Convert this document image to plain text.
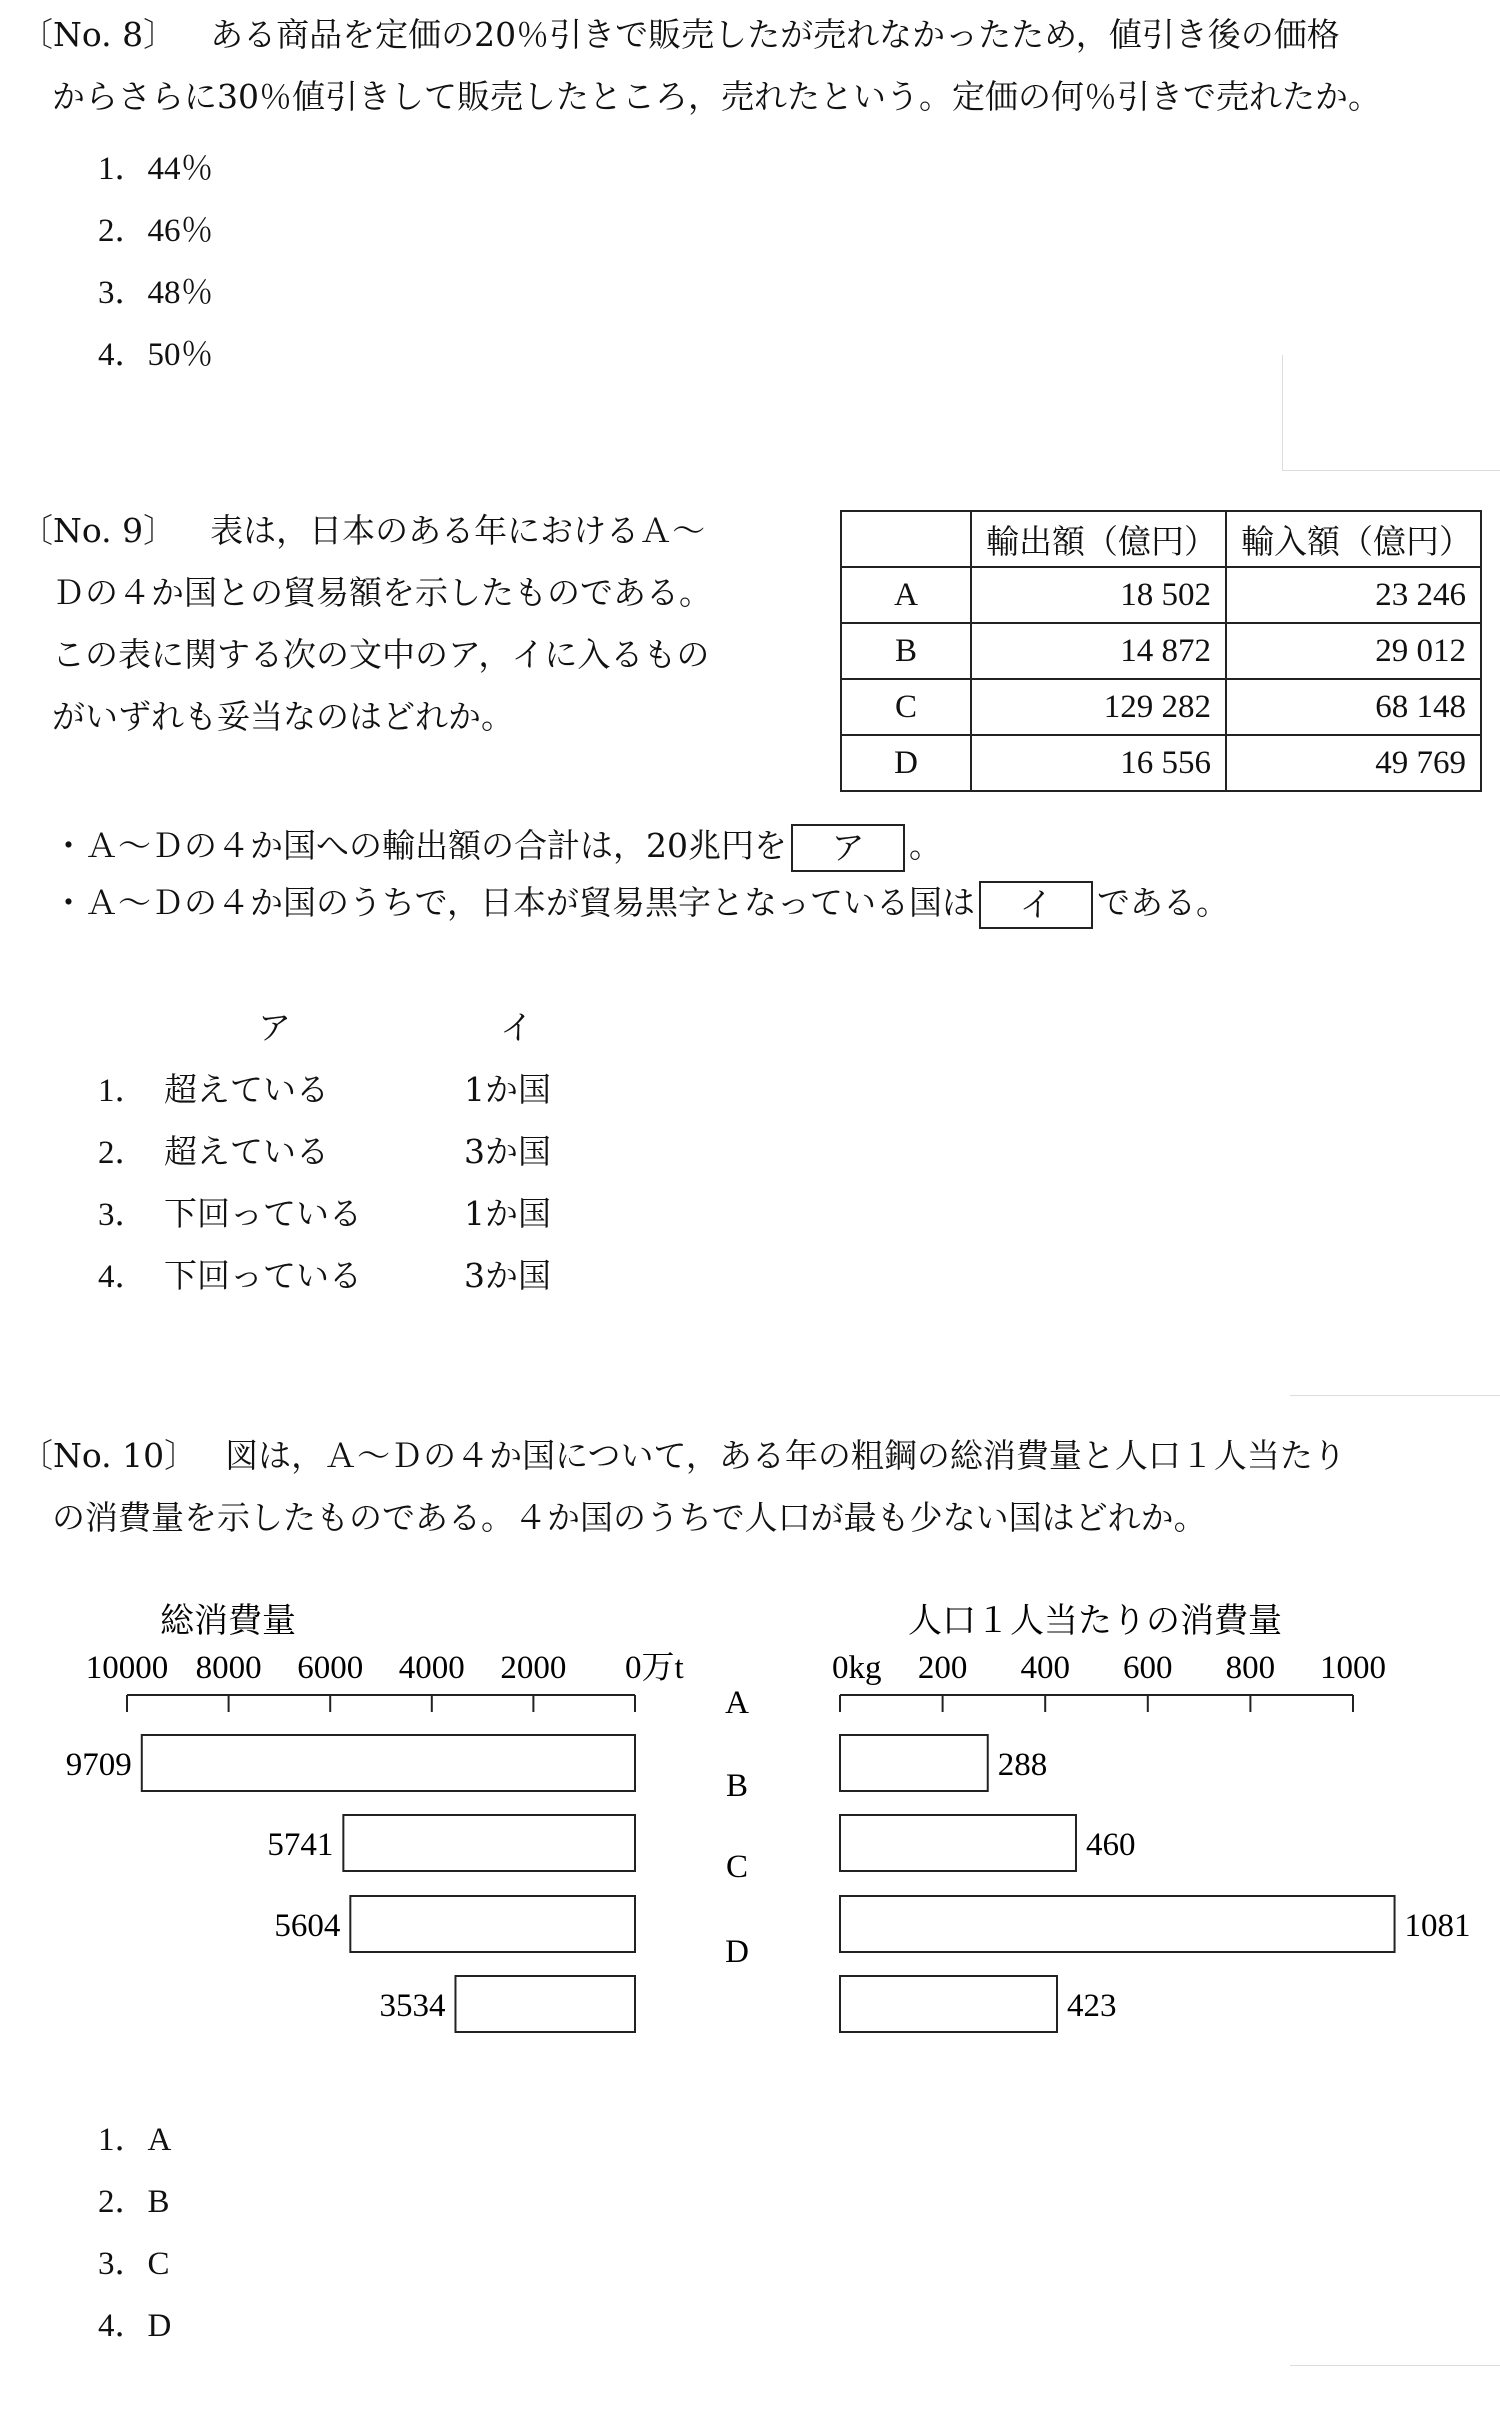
〔No. 8〕 ある商品を定価の20％引きで販売したが売れなかったため，値引き後の価格
からさらに30％値引きして販売したところ，売れたという。定価の何％引きで売れたか。
1．44％
2．46％
3．48％
4．50％
〔No. 9〕 表は，日本のある年におけるＡ～
Ｄの４か国との貿易額を示したものである。
この表に関する次の文中のア，イに入るもの
がいずれも妥当なのはどれか。
	輸出額（億円）	輸入額（億円）
A	18 502	23 246
B	14 872	29 012
C	129 282	68 148
D	16 556	49 769
・Ａ～Ｄの４か国への輸出額の合計は，20兆円を ア 。
・Ａ～Ｄの４か国のうちで，日本が貿易黒字となっている国は イ である。
ア	イ
1． 超えている	1か国
2． 超えている	3か国
3． 下回っている	1か国
4． 下回っている	3か国
〔No. 10〕 図は，Ａ～Ｄの４か国について，ある年の粗鋼の総消費量と人口１人当たり
の消費量を示したものである。４か国のうちで人口が最も少ない国はどれか。
総消費量
10000 8000 6000 4000 2000 0万t
9709
5741
5604
3534
A
B
C
D
人口１人当たりの消費量
0kg 200 400 600 800 1000
288
460
1081
423
1．A
2．B
3．C
4．D
